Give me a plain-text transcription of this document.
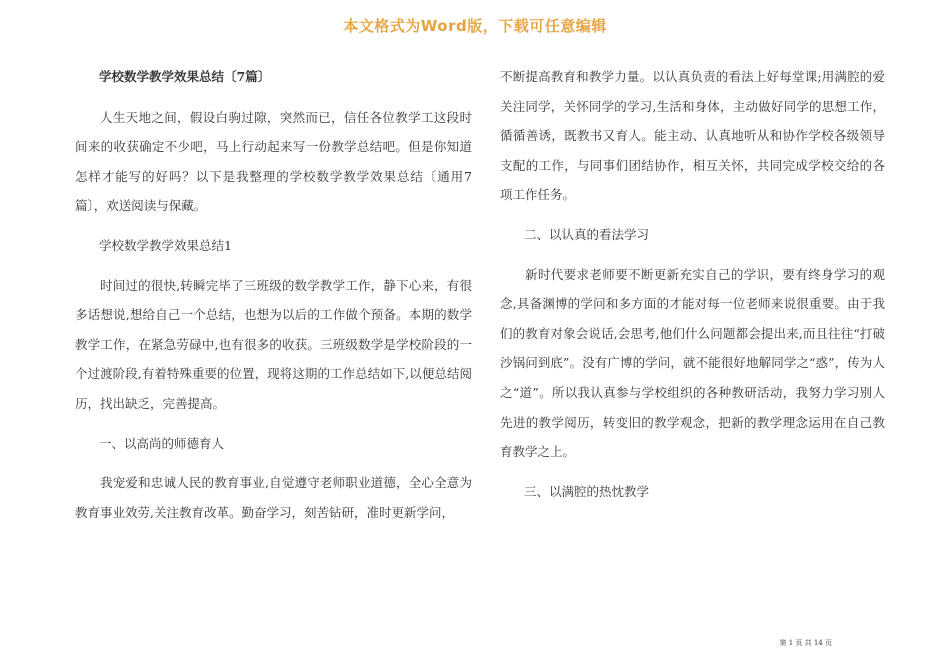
本文格式为Word版，下载可任意编辑
学校数学教学效果总结〔7篇〕

人生天地之间，假设白驹过隙，突然而已，信任各位教学工这段时间来的收获确定不少吧，马上行动起来写一份教学总结吧。但是你知道怎样才能写的好吗？以下是我整理的学校数学教学效果总结〔通用7篇〕，欢送阅读与保藏。

学校数学教学效果总结1

时间过的很快,转瞬完毕了三班级的数学教学工作，静下心来，有很多话想说,想给自己一个总结，也想为以后的工作做个预备。本期的数学教学工作，在紧急劳碌中,也有很多的收获。三班级数学是学校阶段的一个过渡阶段,有着特殊重要的位置，现将这期的工作总结如下,以便总结阅历，找出缺乏，完善提高。

一、以高尚的师德育人

我宠爱和忠诚人民的教育事业,自觉遵守老师职业道德，全心全意为教育事业效劳,关注教育改革。勤奋学习，刻苦钻研，准时更新学问，

不断提高教育和教学力量。以认真负责的看法上好每堂课;用满腔的爱关注同学，关怀同学的学习,生活和身体，主动做好同学的思想工作，循循善诱，既教书又育人。能主动、认真地听从和协作学校各级领导支配的工作，与同事们团结协作，相互关怀，共同完成学校交给的各项工作任务。

二、以认真的看法学习

新时代要求老师要不断更新充实自己的学识，要有终身学习的观念,具备渊博的学问和多方面的才能对每一位老师来说很重要。由于我们的教育对象会说话,会思考,他们什么问题都会提出来,而且往往“打破沙锅问到底”。没有广博的学问，就不能很好地解同学之“惑”，传为人之“道”。所以我认真参与学校组织的各种教研活动，我努力学习别人先进的教学阅历，转变旧的教学观念，把新的教学理念运用在自己教育教学之上。

三、以满腔的热忱教学
第 1 页 共 14 页
